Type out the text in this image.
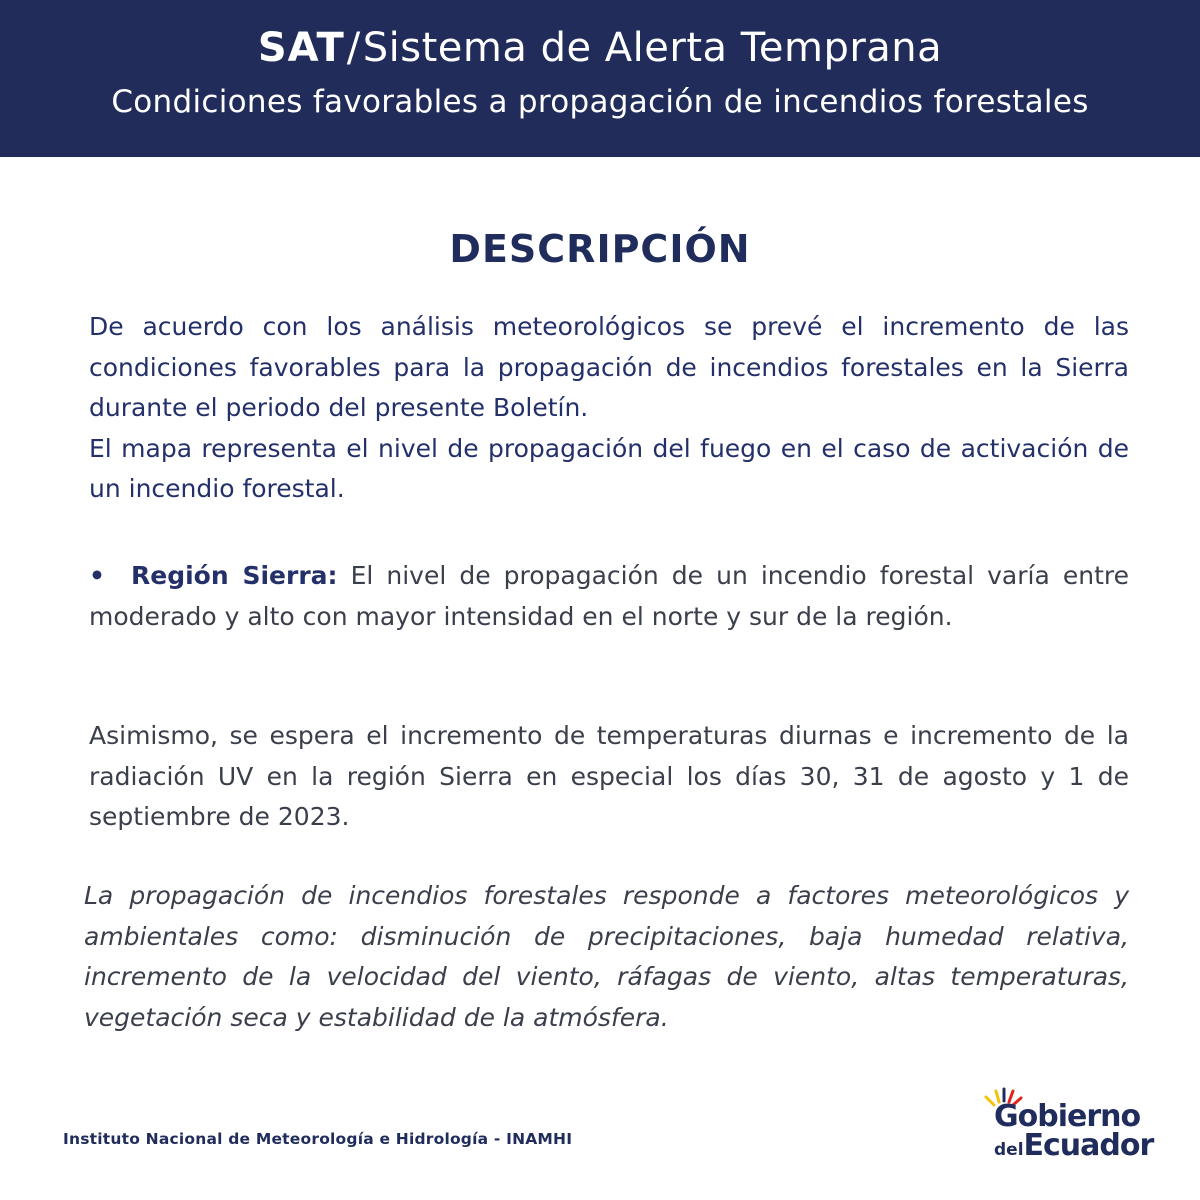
SAT/Sistema de Alerta Temprana
Condiciones favorables a propagación de incendios forestales
DESCRIPCIÓN

De acuerdo con los análisis meteorológicos se prevé el incremento de las condiciones favorables para la propagación de incendios forestales en la Sierra durante el periodo del presente Boletín.
El mapa representa el nivel de propagación del fuego en el caso de activación de un incendio forestal.

• Región Sierra: El nivel de propagación de un incendio forestal varía entre moderado y alto con mayor intensidad en el norte y sur de la región.

Asimismo, se espera el incremento de temperaturas diurnas e incremento de la radiación UV en la región Sierra en especial los días 30, 31 de agosto y 1 de septiembre de 2023.

La propagación de incendios forestales responde a factores meteorológicos y ambientales como: disminución de precipitaciones, baja humedad relativa, incremento de la velocidad del viento, ráfagas de viento, altas temperaturas, vegetación seca y estabilidad de la atmósfera.

Instituto Nacional de Meteorología e Hidrología - INAMHI
Gobierno
delEcuador
